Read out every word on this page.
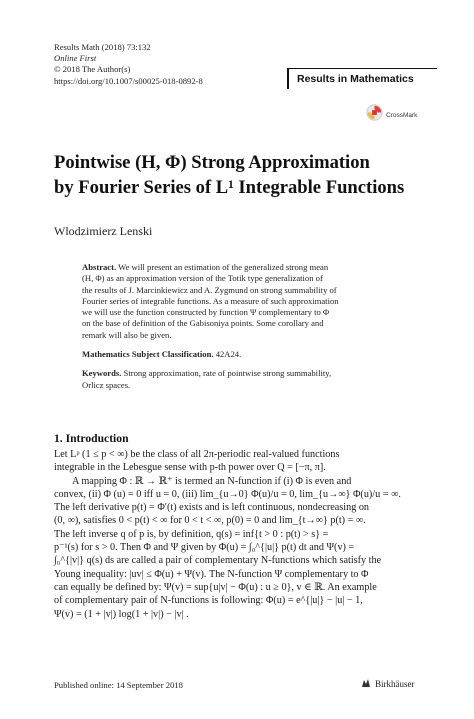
Results Math (2018) 73:132
Online First
© 2018 The Author(s)
https://doi.org/10.1007/s00025-018-0892-8	Results in Mathematics
CrossMark
Pointwise (H, Φ) Strong Approximation
by Fourier Series of L¹ Integrable Functions
Wlodzimierz Lenski
Abstract. We will present an estimation of the generalized strong mean
(H, Φ) as an approximation version of the Totik type generalization of
the results of J. Marcinkiewicz and A. Zygmund on strong summability of
Fourier series of integrable functions. As a measure of such approximation
we will use the function constructed by function Ψ complementary to Φ
on the base of definition of the Gabisoniya points. Some corollary and
remark will also be given.
Mathematics Subject Classification. 42A24.
Keywords. Strong approximation, rate of pointwise strong summability,
Orlicz spaces.
1. Introduction
Let Lᵖ (1 ≤ p < ∞) be the class of all 2π-periodic real-valued functions
integrable in the Lebesgue sense with p-th power over Q = [−π, π].
A mapping Φ : ℝ → ℝ⁺ is termed an N-function if (i) Φ is even and
convex, (ii) Φ (u) = 0 iff u = 0, (iii) lim_{u→0} Φ(u)/u = 0, lim_{u→∞} Φ(u)/u = ∞.
The left derivative p(t) = Φ′(t) exists and is left continuous, nondecreasing on
(0, ∞), satisfies 0 < p(t) < ∞ for 0 < t < ∞, p(0) = 0 and lim_{t→∞} p(t) = ∞.
The left inverse q of p is, by definition, q(s) = inf{t > 0 : p(t) > s} =
p⁻¹(s) for s > 0. Then Φ and Ψ given by Φ(u) = ∫₀^{|u|} p(t) dt and Ψ(v) =
∫₀^{|v|} q(s) ds are called a pair of complementary N-functions which satisfy the
Young inequality: |uv| ≤ Φ(u) + Ψ(v). The N-function Ψ complementary to Φ
can equally be defined by: Ψ(v) = sup{u|v| − Φ(u) : u ≥ 0}, v ∈ ℝ. An example
of complementary pair of N-functions is following: Φ(u) = e^{|u|} − |u| − 1,
Ψ(v) = (1 + |v|) log(1 + |v|) − |v| .
Published online: 14 September 2018	Birkhäuser
